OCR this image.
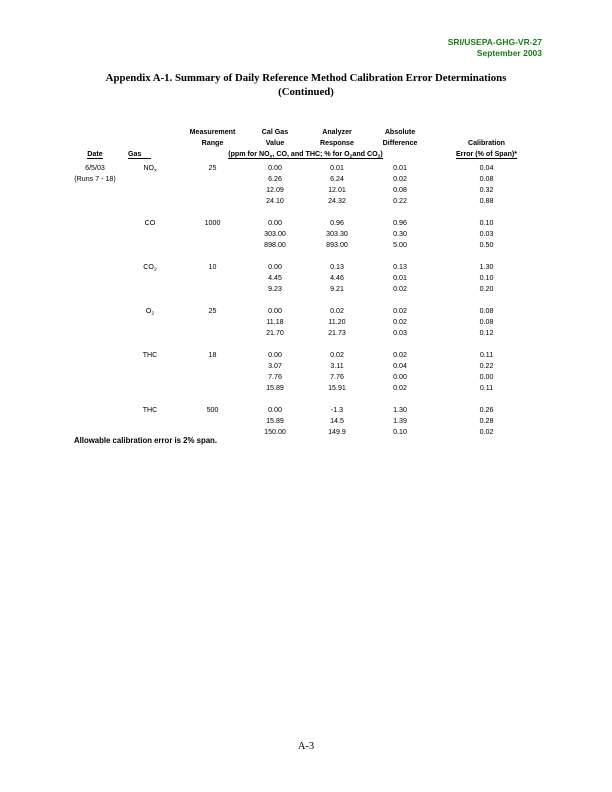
SRI/USEPA-GHG-VR-27
September 2003
Appendix A-1. Summary of Daily Reference Method Calibration Error Determinations
(Continued)
		Measurement	Cal Gas	Analyzer	Absolute	
		Range	Value	Response	Difference	Calibration
Date	Gas	(ppm for $NO_x$, CO, and THC; % for $O_2and$ $CO_2$)				Error (% of Span)*
6/5/03	$NO_x$	25	0.00	0.01	0.01	0.04
(Runs 7 - 18)			6.26	6.24	0.02	0.08
			12.09	12.01	0.08	0.32
			24.10	24.32	0.22	0.88

	CO	1000	0.00	0.96	0.96	0.10
			303.00	303.30	0.30	0.03
			898.00	893.00	5.00	0.50

	$CO_2$	10	0.00	0.13	0.13	1.30
			4.45	4.46	0.01	0.10
			9.23	9.21	0.02	0.20

	$O_2$	25	0.00	0.02	0.02	0.08
			11.18	11.20	0.02	0.08
			21.70	21.73	0.03	0.12

	THC	18	0.00	0.02	0.02	0.11
			3.07	3.11	0.04	0.22
			7.76	7.76	0.00	0.00
			15.89	15.91	0.02	0.11

	THC	500	0.00	-1.3	1.30	0.26
			15.89	14.5	1.39	0.28
			150.00	149.9	0.10	0.02
Allowable calibration error is 2% span.
A-3
